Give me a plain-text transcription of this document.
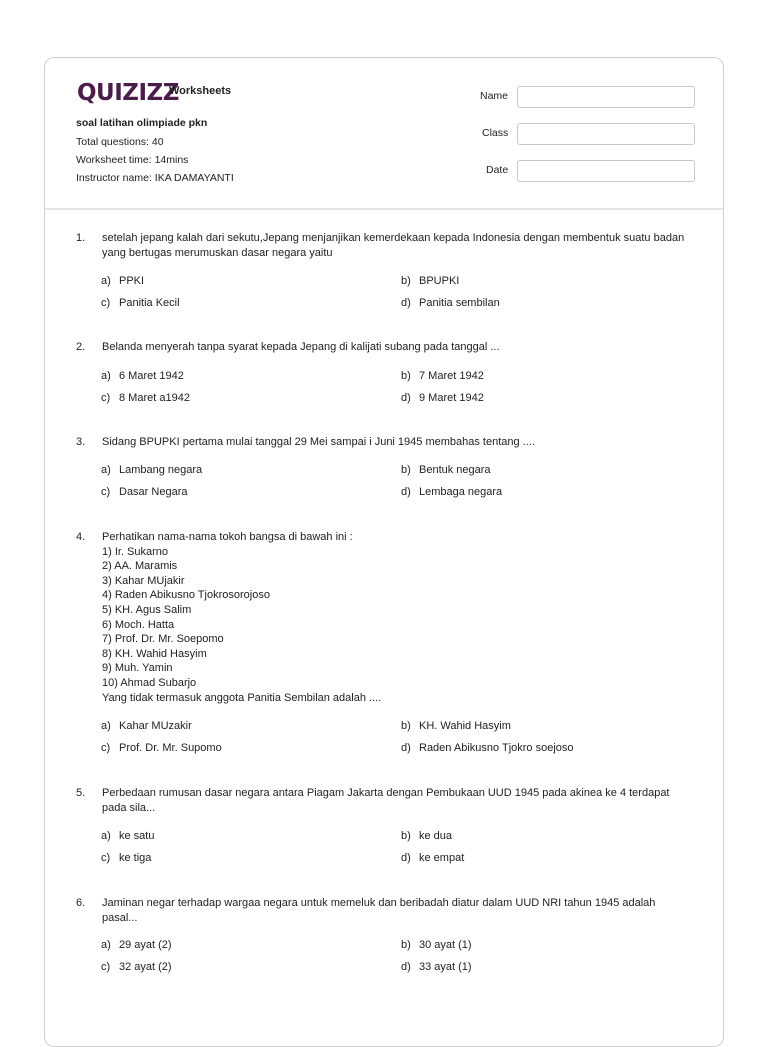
QUIZIZZ
Worksheets
soal latihan olimpiade pkn
Total questions: 40
Worksheet time: 14mins
Instructor name: IKA DAMAYANTI
Name
Class
Date
1. setelah jepang kalah dari sekutu,Jepang menjanjikan kemerdekaan kepada Indonesia dengan membentuk suatu badan yang bertugas merumuskan dasar negara yaitu
a) PPKI	b) BPUPKI
c) Panitia Kecil	d) Panitia sembilan
2. Belanda menyerah tanpa syarat kepada Jepang di kalijati subang pada tanggal ...
a) 6 Maret 1942	b) 7 Maret 1942
c) 8 Maret a1942	d) 9 Maret 1942
3. Sidang BPUPKI pertama mulai tanggal 29 Mei sampai i Juni 1945 membahas tentang ....
a) Lambang negara	b) Bentuk negara
c) Dasar Negara	d) Lembaga negara
4. Perhatikan nama-nama tokoh bangsa di bawah ini :
1) Ir. Sukarno
2) AA. Maramis
3) Kahar MUjakir
4) Raden Abikusno Tjokrosorojoso
5) KH. Agus Salim
6) Moch. Hatta
7) Prof. Dr. Mr. Soepomo
8) KH. Wahid Hasyim
9) Muh. Yamin
10) Ahmad Subarjo
Yang tidak termasuk anggota Panitia Sembilan adalah ....
a) Kahar MUzakir	b) KH. Wahid Hasyim
c) Prof. Dr. Mr. Supomo	d) Raden Abikusno Tjokro soejoso
5. Perbedaan rumusan dasar negara antara Piagam Jakarta dengan Pembukaan UUD 1945 pada akinea ke 4 terdapat pada sila...
a) ke satu	b) ke dua
c) ke tiga	d) ke empat
6. Jaminan negar terhadap wargaa negara untuk memeluk dan beribadah diatur dalam UUD NRI tahun 1945 adalah pasal...
a) 29 ayat (2)	b) 30 ayat (1)
c) 32 ayat (2)	d) 33 ayat (1)
